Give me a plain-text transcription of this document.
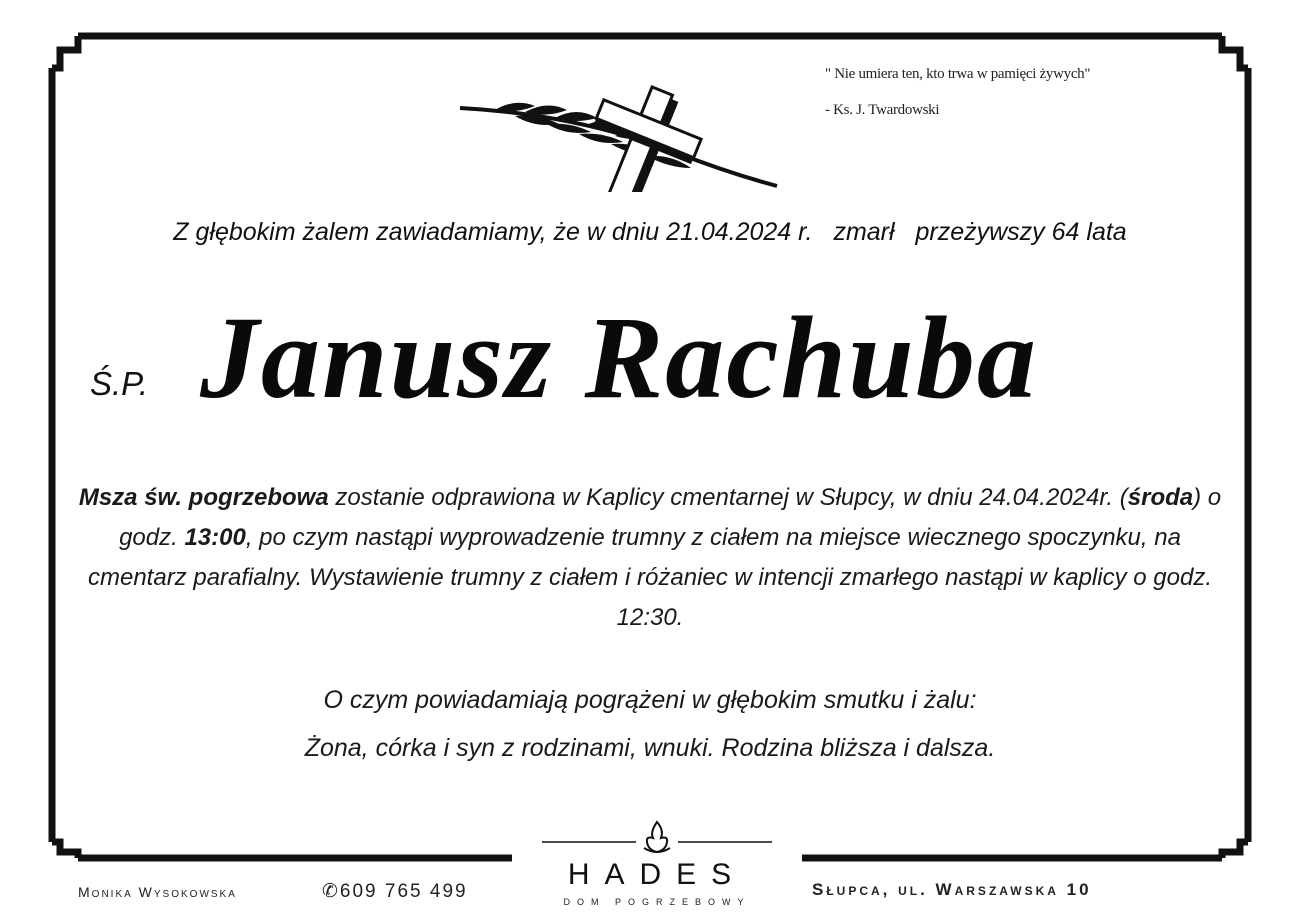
" Nie umiera ten, kto trwa w pamięci żywych"
- Ks. J. Twardowski
Z głębokim żalem zawiadamiamy, że w dniu 21.04.2024 r. zmarł przeżywszy 64 lata
Ś.P. Janusz Rachuba
Msza św. pogrzebowa zostanie odprawiona w Kaplicy cmentarnej w Słupcy, w dniu 24.04.2024r. (środa) o godz. 13:00, po czym nastąpi wyprowadzenie trumny z ciałem na miejsce wiecznego spoczynku, na cmentarz parafialny. Wystawienie trumny z ciałem i różaniec w intencji zmarłego nastąpi w kaplicy o godz. 12:30.
O czym powiadamiają pogrążeni w głębokim smutku i żalu:
Żona, córka i syn z rodzinami, wnuki. Rodzina bliższa i dalsza.
Monika Wysokowska	✆609 765 499
HADES
DOM POGRZEBOWY
Słupca, ul. Warszawska 10
